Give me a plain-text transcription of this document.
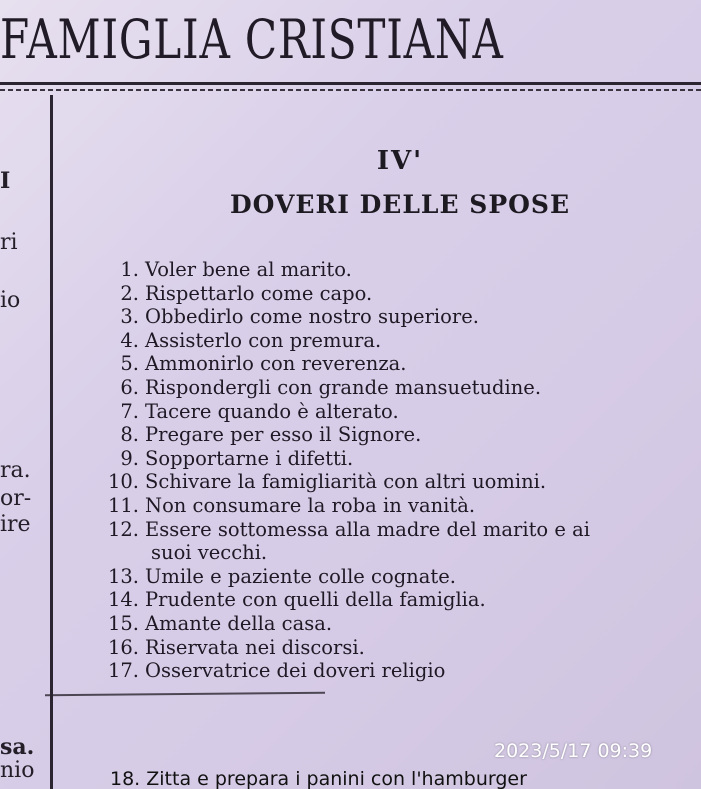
FAMIGLIA CRISTIANA
I
ri
io
ra.
or-
ire
sa.
nio
IV'
DOVERI DELLE SPOSE
1. Voler bene al marito.
2. Rispettarlo come capo.
3. Obbedirlo come nostro superiore.
4. Assisterlo con premura.
5. Ammonirlo con reverenza.
6. Rispondergli con grande mansuetudine.
7. Tacere quando è alterato.
8. Pregare per esso il Signore.
9. Sopportarne i difetti.
10. Schivare la famigliarità con altri uomini.
11. Non consumare la roba in vanità.
12. Essere sottomessa alla madre del marito e ai
suoi vecchi.
13. Umile e paziente colle cognate.
14. Prudente con quelli della famiglia.
15. Amante della casa.
16. Riservata nei discorsi.
17. Osservatrice dei doveri religio
2023/5/17 09:39
18. Zitta e prepara i panini con l'hamburger
